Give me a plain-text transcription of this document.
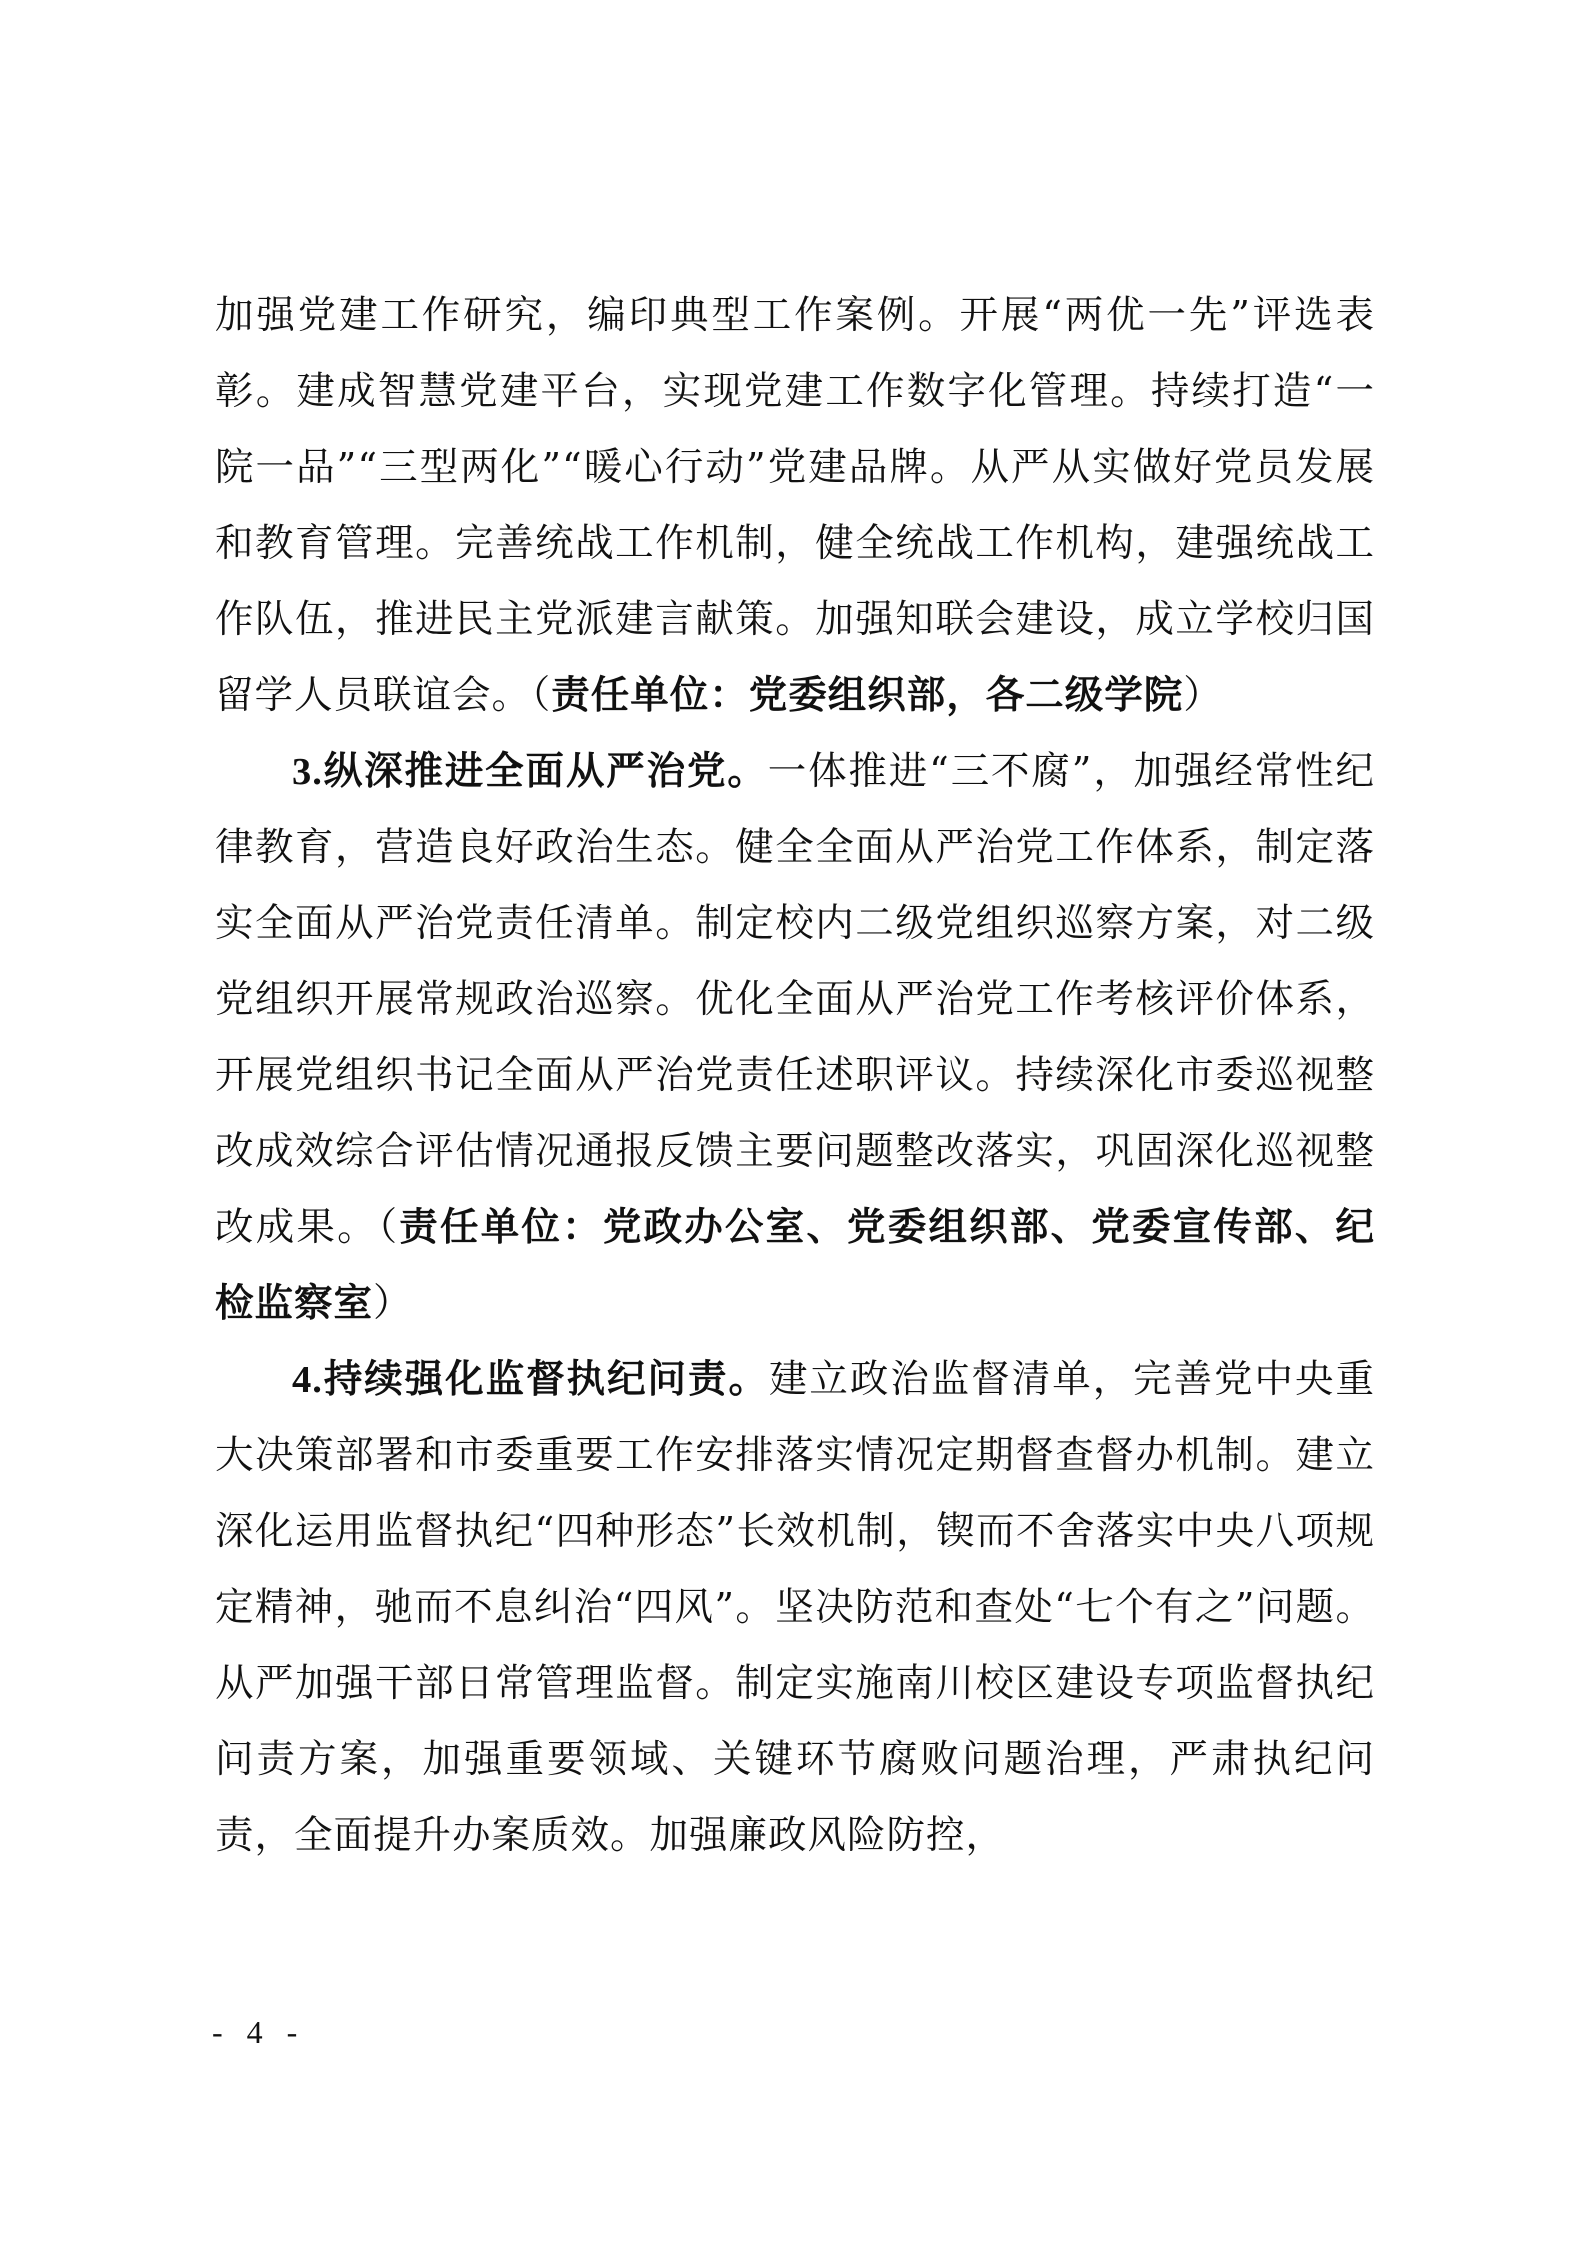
加强党建工作研究，编印典型工作案例。开展“两优一先”评选表彰。建成智慧党建平台，实现党建工作数字化管理。持续打造“一院一品”“三型两化”“暖心行动”党建品牌。从严从实做好党员发展和教育管理。完善统战工作机制，健全统战工作机构，建强统战工作队伍，推进民主党派建言献策。加强知联会建设，成立学校归国留学人员联谊会。（责任单位：党委组织部，各二级学院）

3.纵深推进全面从严治党。一体推进“三不腐”，加强经常性纪律教育，营造良好政治生态。健全全面从严治党工作体系，制定落实全面从严治党责任清单。制定校内二级党组织巡察方案，对二级党组织开展常规政治巡察。优化全面从严治党工作考核评价体系，开展党组织书记全面从严治党责任述职评议。持续深化市委巡视整改成效综合评估情况通报反馈主要问题整改落实，巩固深化巡视整改成果。（责任单位：党政办公室、党委组织部、党委宣传部、纪检监察室）

4.持续强化监督执纪问责。建立政治监督清单，完善党中央重大决策部署和市委重要工作安排落实情况定期督查督办机制。建立深化运用监督执纪“四种形态”长效机制，锲而不舍落实中央八项规定精神，驰而不息纠治“四风”。坚决防范和查处“七个有之”问题。从严加强干部日常管理监督。制定实施南川校区建设专项监督执纪问责方案，加强重要领域、关键环节腐败问题治理，严肃执纪问责，全面提升办案质效。加强廉政风险防控，

- 4 -
